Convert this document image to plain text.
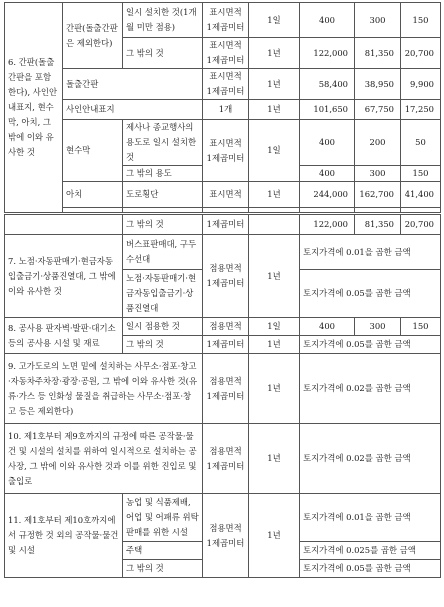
6. 간판(돌출간판을 포함한다), 사인안내표지, 현수막, 아치, 그 밖에 이와 유사한 것	간판(돌출간판은 제외한다)	일시 설치한 것(1개월 미만 점용)	표시면적 1제곱미터	1일	400	300	150
		그 밖의 것	표시면적 1제곱미터	1년	122,000	81,350	20,700
	돌출간판		표시면적 1제곱미터	1년	58,400	38,950	9,900
	사인안내표지		1개	1년	101,650	67,750	17,250
	현수막	제사나 종교행사의 용도로 일시 설치한 것	표시면적 1제곱미터	1일	400	200	50
		그 밖의 용도			400	300	150
	아치	도로횡단	표시면적	1년	244,000	162,700	41,400

	그 밖의 것	1제곱미터		122,000	81,350	20,700
7. 노점·자동판매기·현금자동입출금기·상품진열대, 그 밖에 이와 유사한 것	버스표판매대, 구두수선대	점용면적 1제곱미터	1년	토지가격에 0.01을 곱한 금액		
	노점·자동판매기·현금자동입출금기·상품진열대			토지가격에 0.05를 곱한 금액		
8. 공사용 판자벽·발판·대기소 등의 공사용 시설 및 재료	일시 점용한 것	점용면적	1일	400	300	150
	그 밖의 것	1제곱미터	1년	토지가격에 0.05를 곱한 금액		
9. 고가도로의 노면 밑에 설치하는 사무소·점포·창고·자동차주차장·광장·공원, 그 밖에 이와 유사한 것(유류·가스 등 인화성 물질을 취급하는 사무소·점포·창고 등은 제외한다)		점용면적 1제곱미터	1년	토지가격에 0.02를 곱한 금액		
10. 제1호부터 제9호까지의 규정에 따른 공작물·물건 및 시설의 설치를 위하여 일시적으로 설치하는 공사장, 그 밖에 이와 유사한 것과 이를 위한 진입로 및 출입로		점용면적 1제곱미터	1년	토지가격에 0.02를 곱한 금액		
11. 제1호부터 제10호까지에서 규정한 것 외의 공작물·물건 및 시설	농업 및 식품제배, 어업 및 어패류 위탁판매를 위한 시설	점용면적 1제곱미터	1년	토지가격에 0.01을 곱한 금액		
	주택			토지가격에 0.025를 곱한 금액		
	그 밖의 것			토지가격에 0.05를 곱한 금액		
